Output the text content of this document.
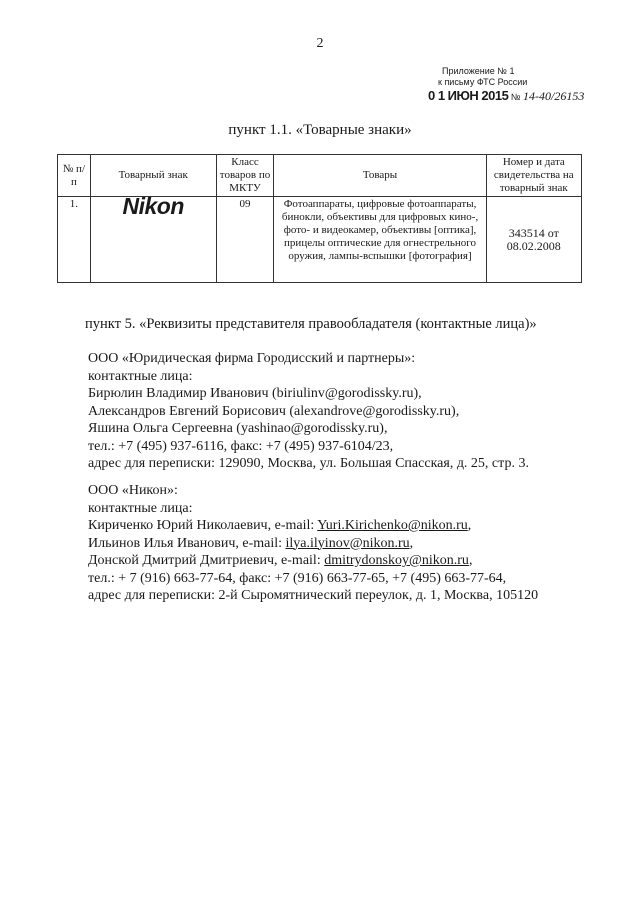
2
Приложение № 1
к письму ФТС России
0 1 ИЮН 2015 № 14-40/26153
пункт 1.1. «Товарные знаки»
№ п/п	Товарный знак	Класс товаров по МКТУ	Товары	Номер и дата свидетельства на товарный знак
1.	Nikon	09	Фотоаппараты, цифровые фотоаппараты, бинокли, объективы для цифровых кино-, фото- и видеокамер, объективы [оптика], прицелы оптические для огнестрельного оружия, лампы-вспышки [фотография]	343514 от
08.02.2008
пункт 5. «Реквизиты представителя правообладателя (контактные лица)»
ООО «Юридическая фирма Городисский и партнеры»:
контактные лица:
Бирюлин Владимир Иванович (biriulinv@gorodissky.ru),
Александров Евгений Борисович (alexandrove@gorodissky.ru),
Яшина Ольга Сергеевна (yashinao@gorodissky.ru),
тел.: +7 (495) 937-6116, факс: +7 (495) 937-6104/23,
адрес для переписки: 129090, Москва, ул. Большая Спасская, д. 25, стр. 3.
ООО «Никон»:
контактные лица:
Кириченко Юрий Николаевич, e-mail: Yuri.Kirichenko@nikon.ru,
Ильинов Илья Иванович, e-mail: ilya.ilyinov@nikon.ru,
Донской Дмитрий Дмитриевич, e-mail: dmitrydonskoy@nikon.ru,
тел.: + 7 (916) 663-77-64, факс: +7 (916) 663-77-65, +7 (495) 663-77-64,
адрес для переписки: 2-й Сыромятнический переулок, д. 1, Москва, 105120
